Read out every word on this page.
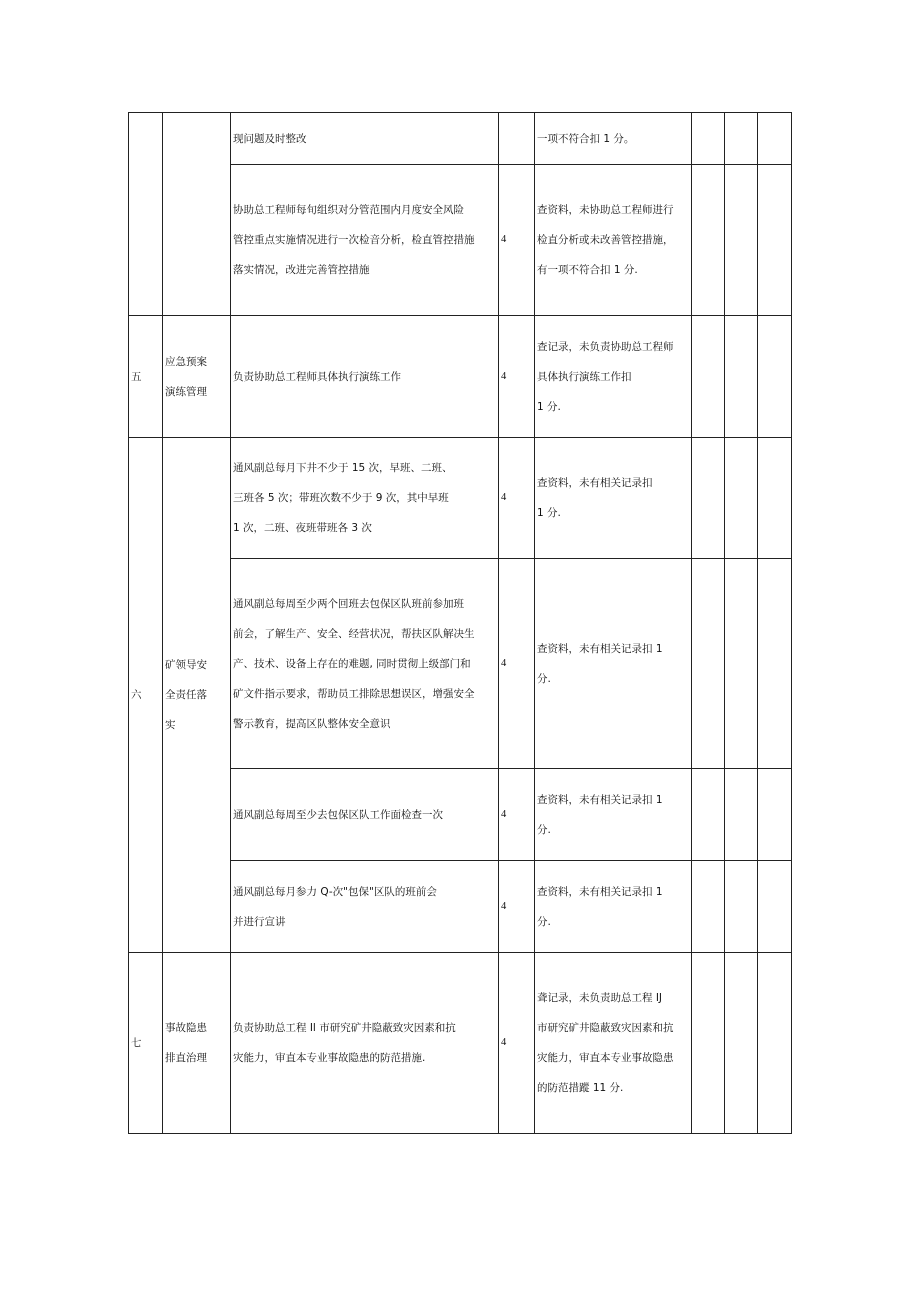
		现问题及时整改		一项不符合扣 1 分。			

		协助总工程师每旬组织对分管范围内月度安全风险
管控重点实施情况进行一次检音分析，检直管控措施
落实情况，改进完善管控措施	4	查资料，未协助总工程师进行
检直分析或未改善管控措施，
有一项不符合扣 1 分.			

五	应急预案
演练管理	负责协助总工程师具体执行演练工作	4	查记录，未负责协助总工程师
具体执行演练工作扣
1 分.			

六	矿领导安
全责任落
实	通风副总每月下井不少于 15 次，早班、二班、
三班各 5 次；带班次数不少于 9 次，其中早班
1 次，二班、夜班带班各 3 次	4	查资料，未有相关记录扣
1 分.			

		通风副总每周至少两个回班去包保区队班前参加班
前会，了解生产、安全、经营状况，帮扶区队解决生
产、技术、设备上存在的难题, 同时贯彻上级部门和
矿文件指示要求，帮助员工排除思想误区，增强安全
警示教育，提高区队整体安全意识	4	查资料，未有相关记录扣 1
分.			

		通风副总每周至少去包保区队工作面检查一次	4	查资料，未有相关记录扣 1
分.			

		通风副总每月参力 Q-次"包保"区队的班前会
并进行宣讲	4	查资料，未有相关记录扣 1
分.			

七	事故隐患
排直治理	负责协助总工程 Il 市研究矿井隐蔽致灾因素和抗
灾能力，审直本专业事故隐患的防范措施.	4	聋记录，未负责助总工程 IJ
市研究矿井隐蔽致灾因素和抗
灾能力，审直本专业事故隐患
的防范措蹤 11 分.			
